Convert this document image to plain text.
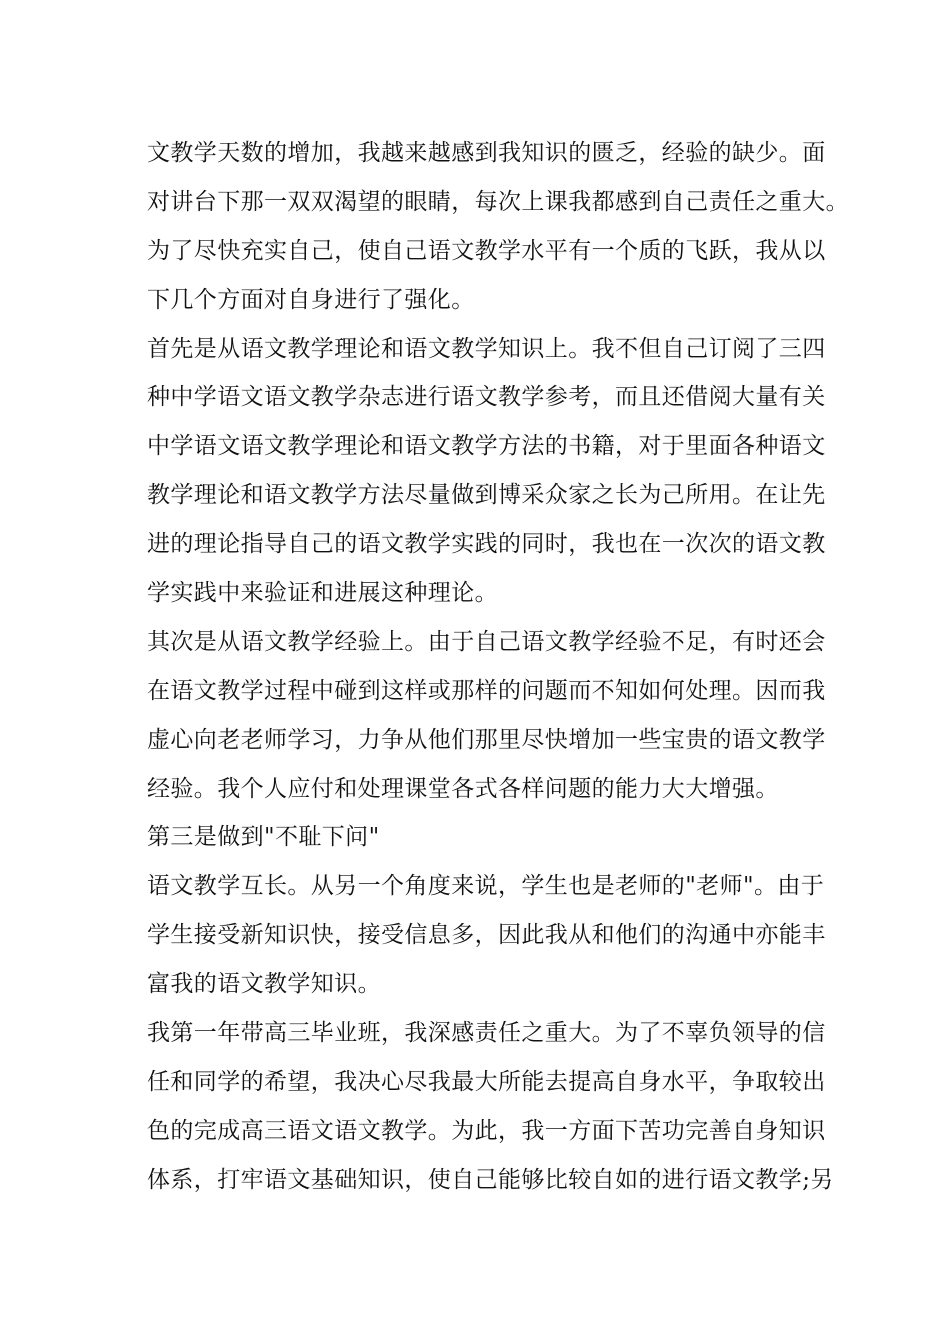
文教学天数的增加，我越来越感到我知识的匮乏，经验的缺少。面
对讲台下那一双双渴望的眼睛，每次上课我都感到自己责任之重大。
为了尽快充实自己，使自己语文教学水平有一个质的飞跃，我从以
下几个方面对自身进行了强化。
首先是从语文教学理论和语文教学知识上。我不但自己订阅了三四
种中学语文语文教学杂志进行语文教学参考，而且还借阅大量有关
中学语文语文教学理论和语文教学方法的书籍，对于里面各种语文
教学理论和语文教学方法尽量做到博采众家之长为己所用。在让先
进的理论指导自己的语文教学实践的同时，我也在一次次的语文教
学实践中来验证和进展这种理论。
其次是从语文教学经验上。由于自己语文教学经验不足，有时还会
在语文教学过程中碰到这样或那样的问题而不知如何处理。因而我
虚心向老老师学习，力争从他们那里尽快增加一些宝贵的语文教学
经验。我个人应付和处理课堂各式各样问题的能力大大增强。
第三是做到"不耻下问"
语文教学互长。从另一个角度来说，学生也是老师的"老师"。由于
学生接受新知识快，接受信息多，因此我从和他们的沟通中亦能丰
富我的语文教学知识。
我第一年带高三毕业班，我深感责任之重大。为了不辜负领导的信
任和同学的希望，我决心尽我最大所能去提高自身水平，争取较出
色的完成高三语文语文教学。为此，我一方面下苦功完善自身知识
体系，打牢语文基础知识，使自己能够比较自如的进行语文教学;另
